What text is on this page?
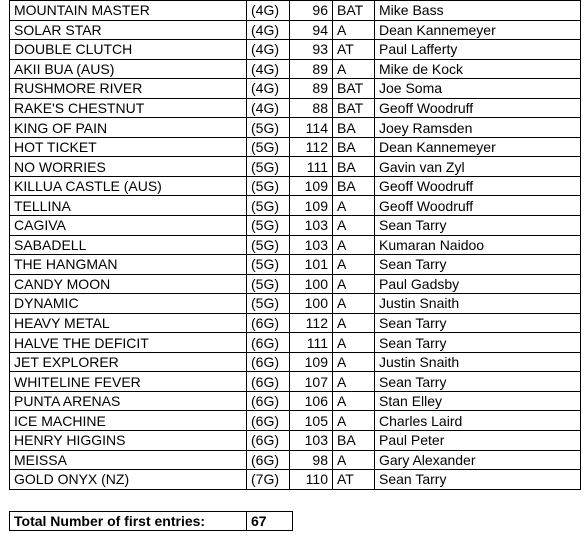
MOUNTAIN MASTER	(4G)	96	BAT	Mike Bass
SOLAR STAR	(4G)	94	A	Dean Kannemeyer
DOUBLE CLUTCH	(4G)	93	AT	Paul Lafferty
AKII BUA (AUS)	(4G)	89	A	Mike de Kock
RUSHMORE RIVER	(4G)	89	BAT	Joe Soma
RAKE'S CHESTNUT	(4G)	88	BAT	Geoff Woodruff
KING OF PAIN	(5G)	114	BA	Joey Ramsden
HOT TICKET	(5G)	112	BA	Dean Kannemeyer
NO WORRIES	(5G)	111	BA	Gavin van Zyl
KILLUA CASTLE (AUS)	(5G)	109	BA	Geoff Woodruff
TELLINA	(5G)	109	A	Geoff Woodruff
CAGIVA	(5G)	103	A	Sean Tarry
SABADELL	(5G)	103	A	Kumaran Naidoo
THE HANGMAN	(5G)	101	A	Sean Tarry
CANDY MOON	(5G)	100	A	Paul Gadsby
DYNAMIC	(5G)	100	A	Justin Snaith
HEAVY METAL	(6G)	112	A	Sean Tarry
HALVE THE DEFICIT	(6G)	111	A	Sean Tarry
JET EXPLORER	(6G)	109	A	Justin Snaith
WHITELINE FEVER	(6G)	107	A	Sean Tarry
PUNTA ARENAS	(6G)	106	A	Stan Elley
ICE MACHINE	(6G)	105	A	Charles Laird
HENRY HIGGINS	(6G)	103	BA	Paul Peter
MEISSA	(6G)	98	A	Gary Alexander
GOLD ONYX (NZ)	(7G)	110	AT	Sean Tarry
Total Number of first entries:	67
